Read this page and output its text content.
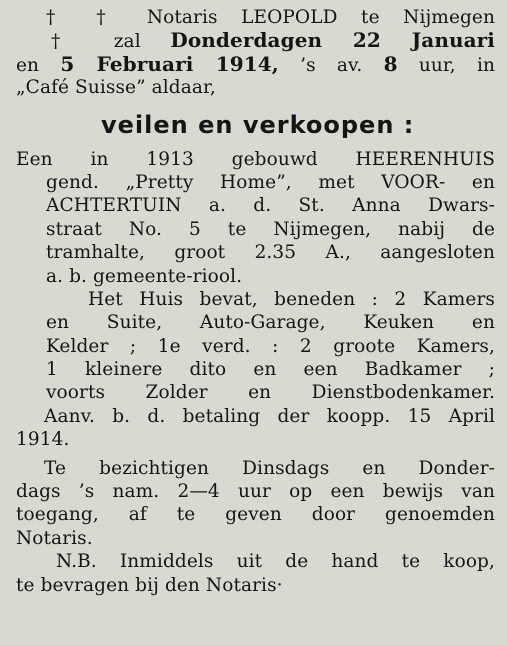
† † Notaris LEOPOLD te Nijmegen
† zal Donderdagen 22 Januari
en 5 Februari 1914, ’s av. 8 uur, in
„Café Suisse” aldaar,
veilen en verkoopen :
Een in 1913 gebouwd HEERENHUIS
gend. „Pretty Home”, met VOOR- en
ACHTERTUIN a. d. St. Anna Dwars-
straat No. 5 te Nijmegen, nabij de
tramhalte, groot 2.35 A., aangesloten
a. b. gemeente-riool.
Het Huis bevat, beneden : 2 Kamers
en Suite, Auto-Garage, Keuken en
Kelder ; 1e verd. : 2 groote Kamers,
1 kleinere dito en een Badkamer ;
voorts Zolder en Dienstbodenkamer.
Aanv. b. d. betaling der koopp. 15 April
1914.
Te bezichtigen Dinsdags en Donder-
dags ’s nam. 2—4 uur op een bewijs van
toegang, af te geven door genoemden
Notaris.
N.B. Inmiddels uit de hand te koop,
te bevragen bij den Notaris·
